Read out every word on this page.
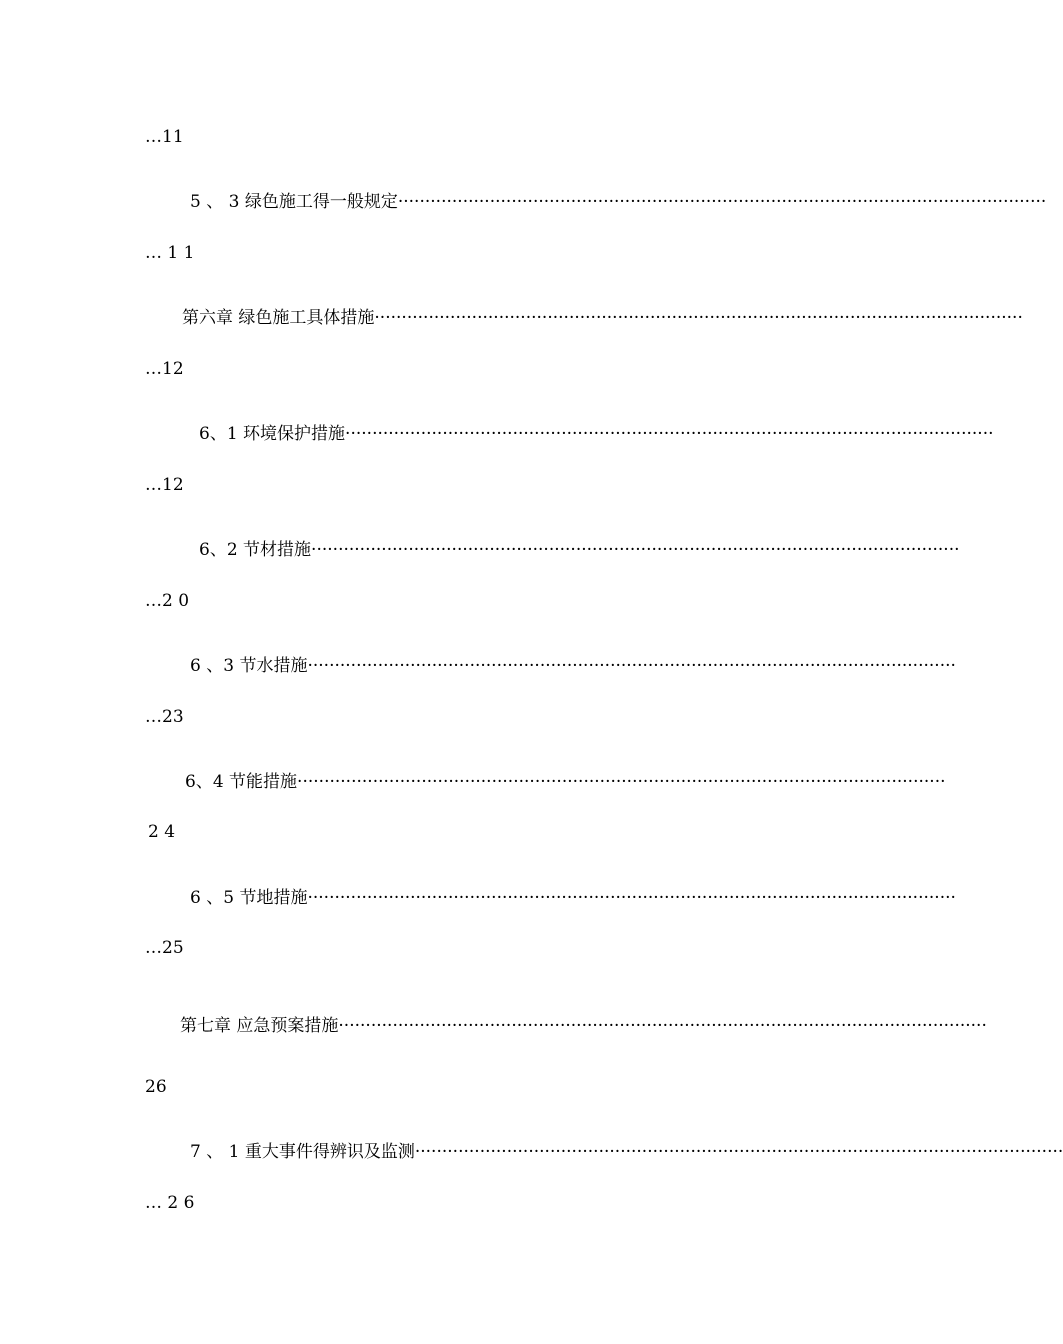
…11
5 、 3 绿色施工得一般规定························································································································
… 1 1
第六章 绿色施工具体措施························································································································
…12
6、1 环境保护措施························································································································
…12
6、2 节材措施························································································································
…2 0
6 、3 节水措施························································································································
…23
6、4 节能措施························································································································
2 4
6 、5 节地措施························································································································
…25
第七章 应急预案措施························································································································
26
7 、 1 重大事件得辨识及监测························································································································
… 2 6
